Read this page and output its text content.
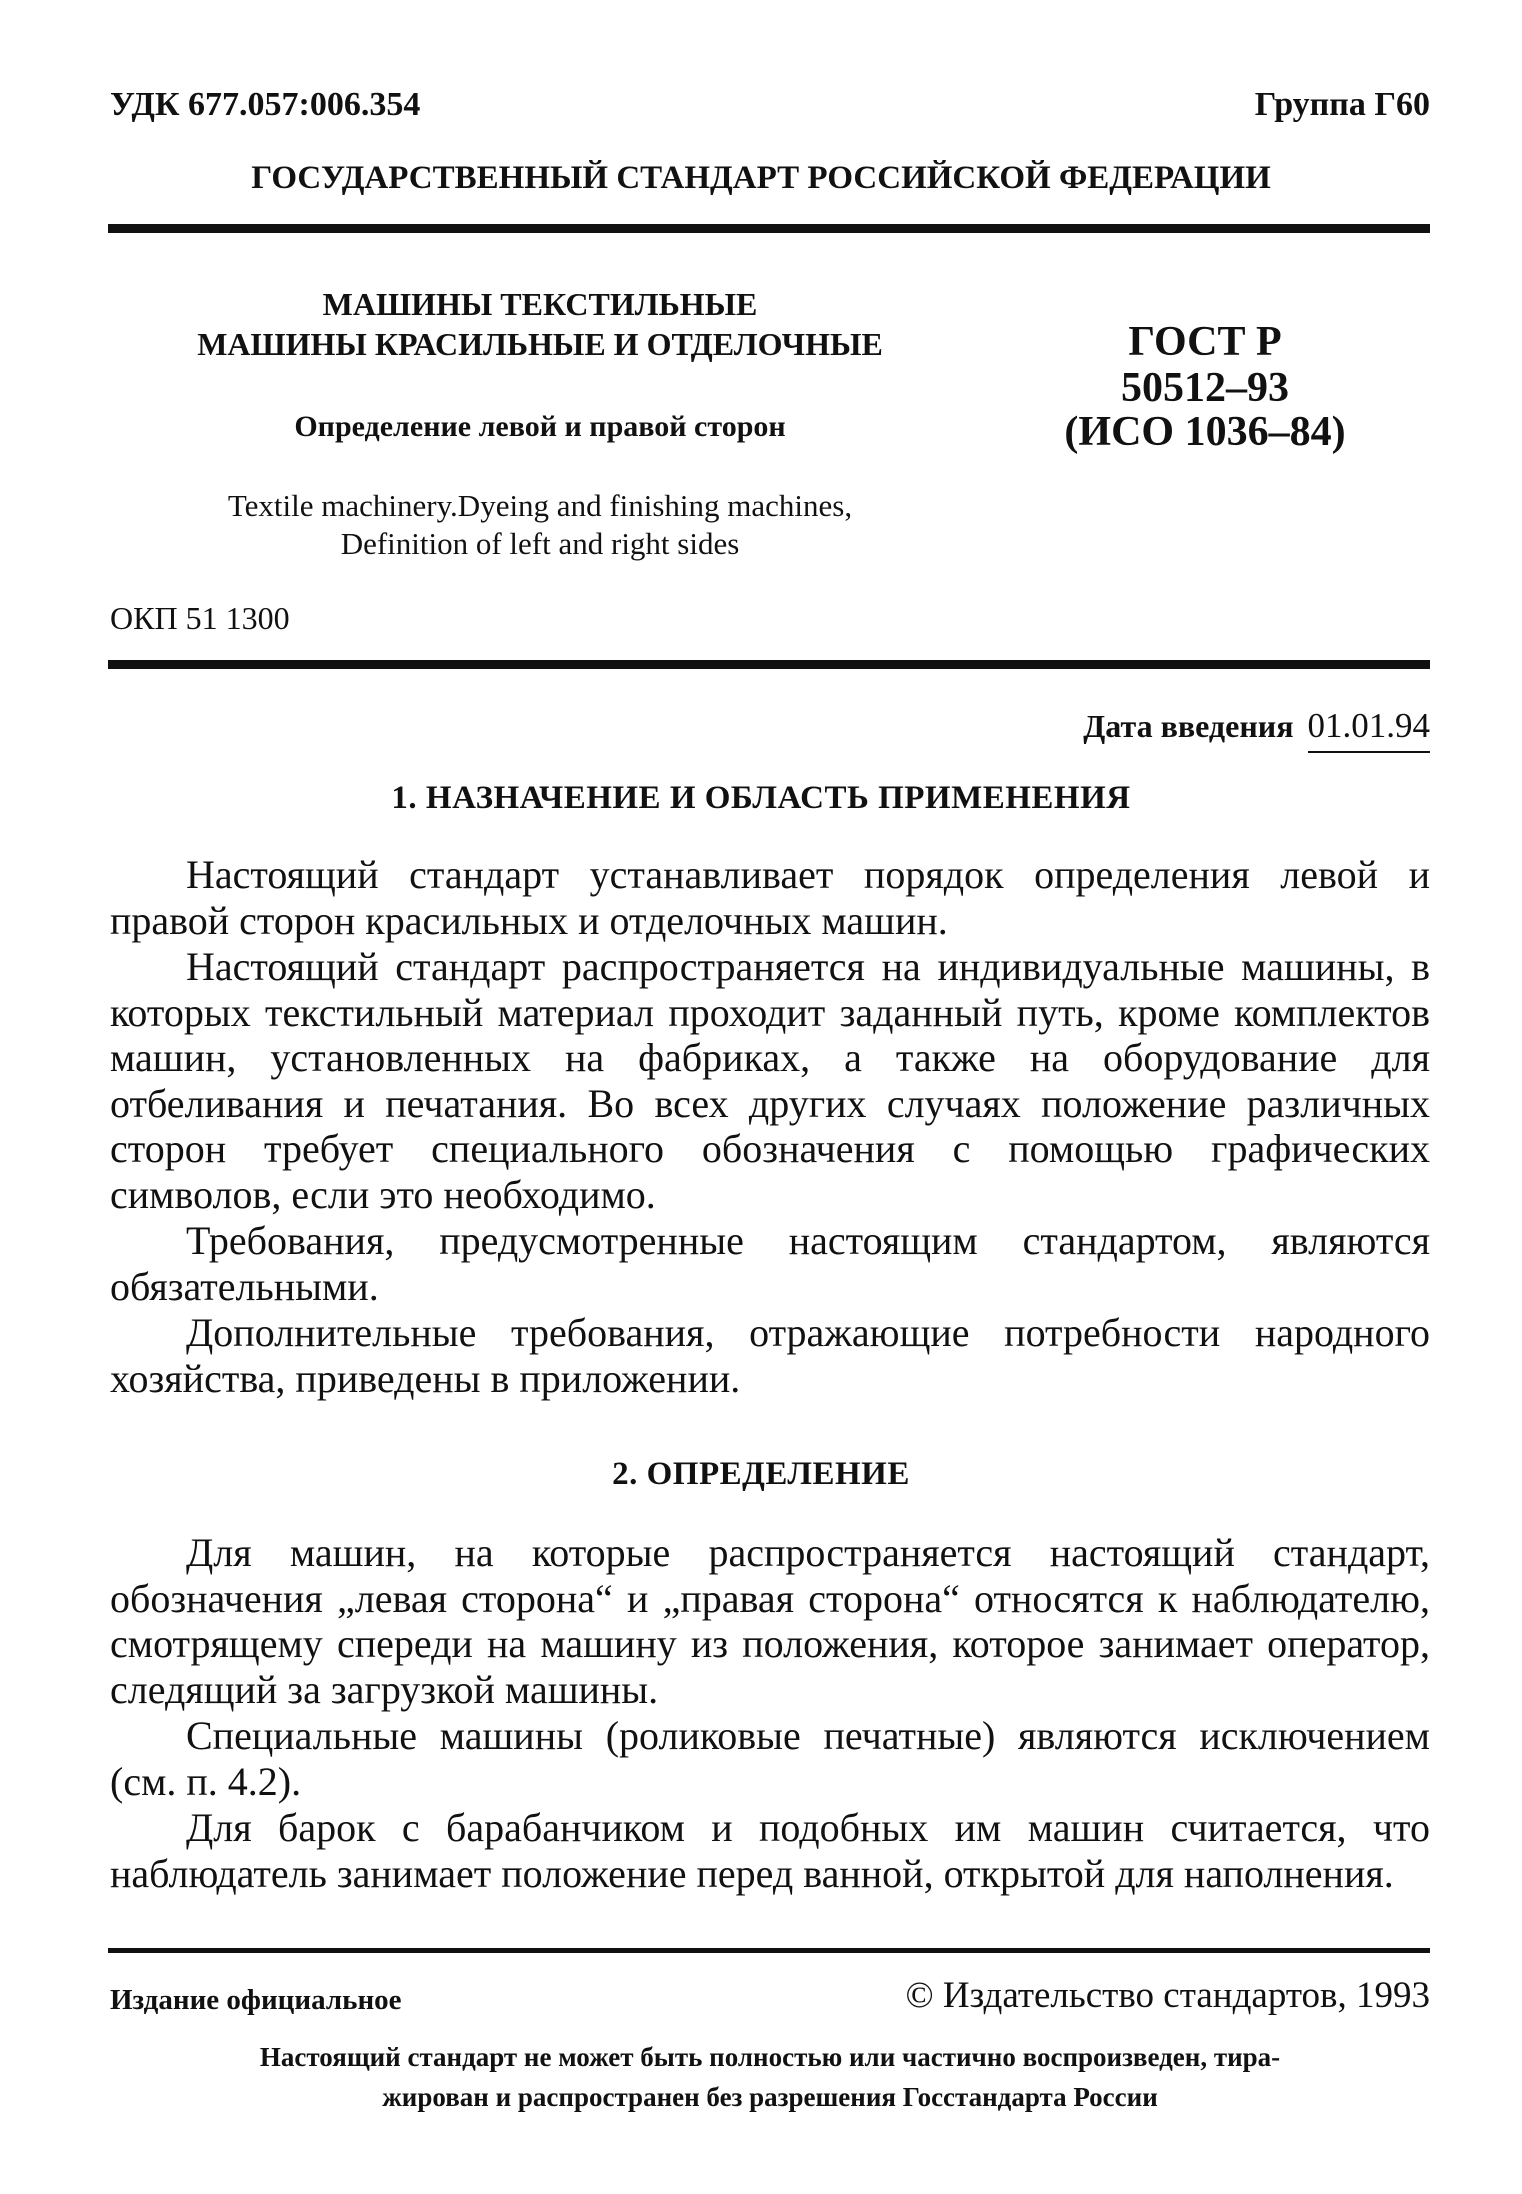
УДК 677.057:006.354	Группа Г60
ГОСУДАРСТВЕННЫЙ СТАНДАРТ РОССИЙСКОЙ ФЕДЕРАЦИИ
МАШИНЫ ТЕКСТИЛЬНЫЕ
МАШИНЫ КРАСИЛЬНЫЕ И ОТДЕЛОЧНЫЕ
Определение левой и правой сторон
Textile machinery.Dyeing and finishing machines,
Definition of left and right sides
ГОСТ Р
50512–93
(ИСО 1036–84)
ОКП 51 1300
Дата введения 01.01.94
1. НАЗНАЧЕНИЕ И ОБЛАСТЬ ПРИМЕНЕНИЯ

Настоящий стандарт устанавливает порядок определения левой и правой сторон красильных и отделочных машин.

Настоящий стандарт распространяется на индивидуальные машины, в которых текстильный материал проходит заданный путь, кроме комплектов машин, установленных на фабриках, а также на оборудование для отбеливания и печатания. Во всех других случаях положение различных сторон требует специального обозначения с помощью графических символов, если это необходимо.

Требования, предусмотренные настоящим стандартом, являются обязательными.

Дополнительные требования, отражающие потребности народного хозяйства, приведены в приложении.

2. ОПРЕДЕЛЕНИЕ

Для машин, на которые распространяется настоящий стандарт, обозначения „левая сторона“ и „правая сторона“ относятся к наблюдателю, смотрящему спереди на машину из положения, которое занимает оператор, следящий за загрузкой машины.

Специальные машины (роликовые печатные) являются исключением (см. п. 4.2).

Для барок с барабанчиком и подобных им машин считается, что наблюдатель занимает положение перед ванной, открытой для наполнения.

Издание официальное	© Издательство стандартов, 1993
Настоящий стандарт не может быть полностью или частично воспроизведен, тира-
жирован и распространен без разрешения Госстандарта России
